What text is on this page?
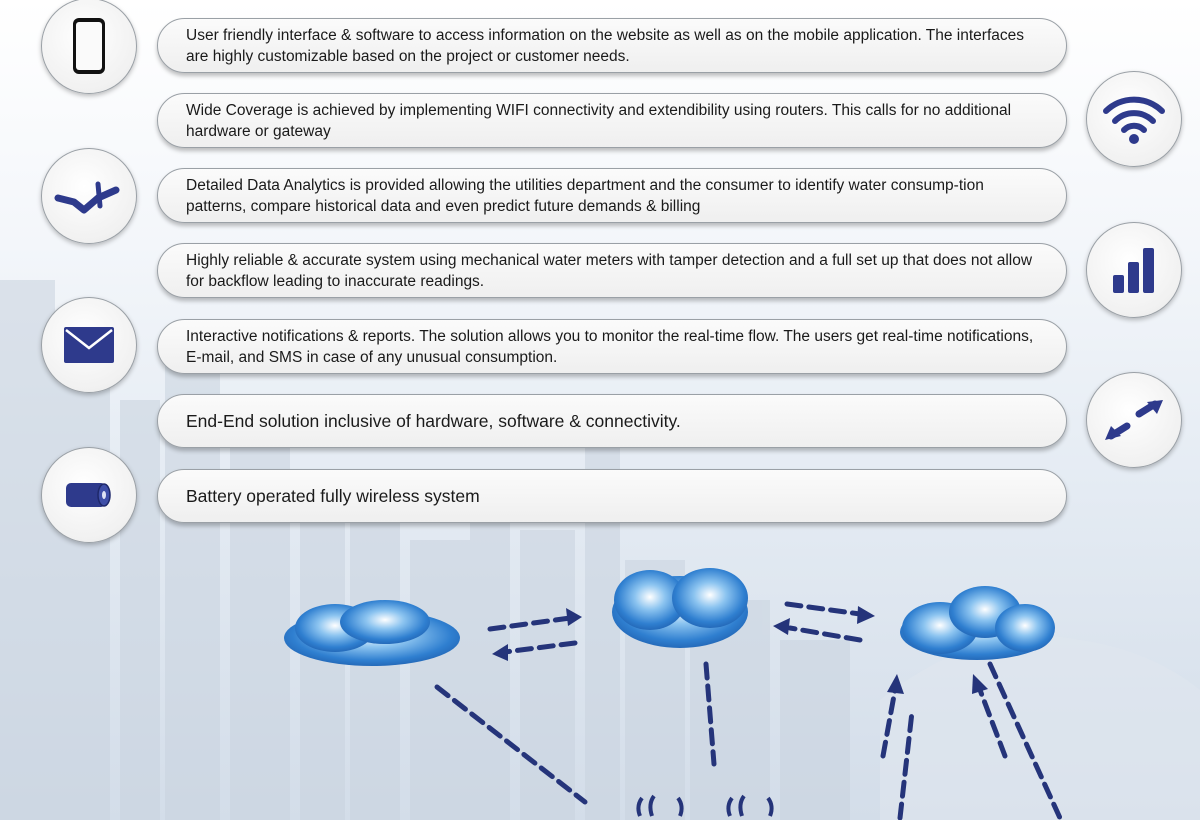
User friendly interface & software to access information on the website as well as on the mobile application. The interfaces are highly customizable based on the project or customer needs.
Wide Coverage is achieved by implementing WIFI connectivity and extendibility using routers. This calls for no additional hardware or gateway
Detailed Data Analytics is provided allowing the utilities department and the consumer to identify water consump-tion patterns, compare historical data and even predict future demands & billing
Highly reliable & accurate system using mechanical water meters with tamper detection and a full set up that does not allow for backflow leading to inaccurate readings.
Interactive notifications & reports. The solution allows you to monitor the real-time flow. The users get real-time notifications, E-mail, and SMS in case of any unusual consumption.
End-End solution inclusive of hardware, software & connectivity.
Battery operated fully wireless system
